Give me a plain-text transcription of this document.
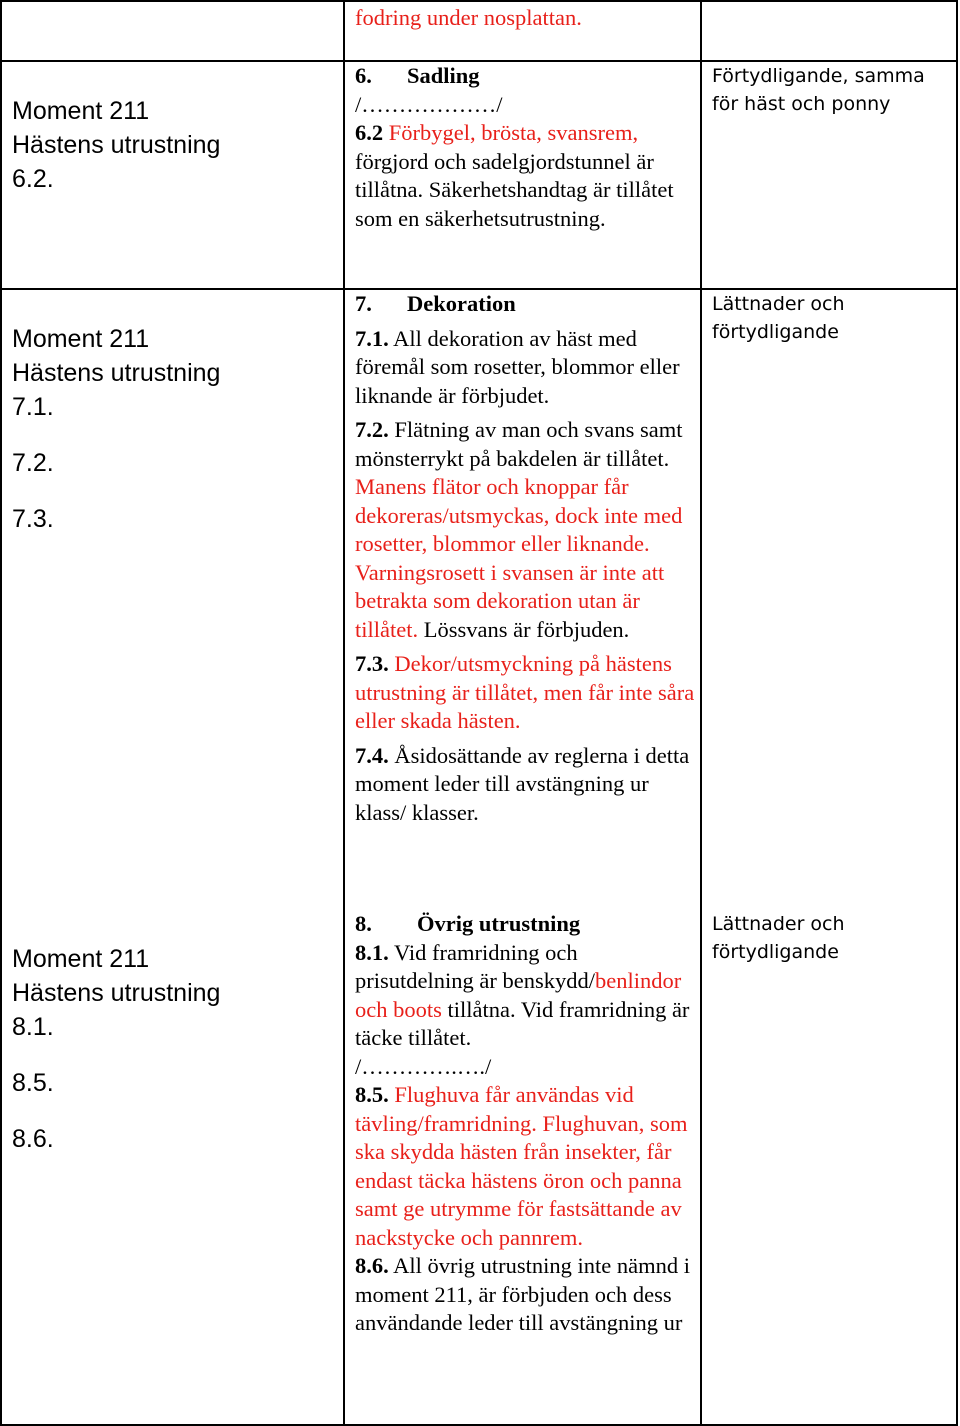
fodring under nosplattan.

Moment 211
Hästens utrustning
6.2.

6. Sadling

/………………/

6.2 Förbygel, brösta, svansrem,
förgjord och sadelgjordstunnel är tillåtna. Säkerhetshandtag är tillåtet som en säkerhetsutrustning.

Förtydligande, samma
för häst och ponny
Moment 211
Hästens utrustning
7.1.
7.2.
7.3.

7. Dekoration

7.1. All dekoration av häst med föremål som rosetter, blommor eller liknande är förbjudet.

7.2. Flätning av man och svans samt mönsterrykt på bakdelen är tillåtet. Manens flätor och knoppar får dekoreras/utsmyckas, dock inte med rosetter, blommor eller liknande. Varningsrosett i svansen är inte att betrakta som dekoration utan är tillåtet. Lössvans är förbjuden.

7.3. Dekor/utsmyckning på hästens utrustning är tillåtet, men får inte såra eller skada hästen.

7.4. Åsidosättande av reglerna i detta moment leder till avstängning ur klass/ klasser.

Lättnader och
förtydligande
Moment 211
Hästens utrustning
8.1.
8.5.
8.6.

8. Övrig utrustning

8.1. Vid framridning och prisutdelning är benskydd/benlindor och boots tillåtna. Vid framridning är täcke tillåtet.

/………….…./

8.5. Flughuva får användas vid tävling/framridning. Flughuvan, som ska skydda hästen från insekter, får endast täcka hästens öron och panna samt ge utrymme för fastsättande av nackstycke och pannrem.

8.6. All övrig utrustning inte nämnd i moment 211, är förbjuden och dess användande leder till avstängning ur

Lättnader och
förtydligande
